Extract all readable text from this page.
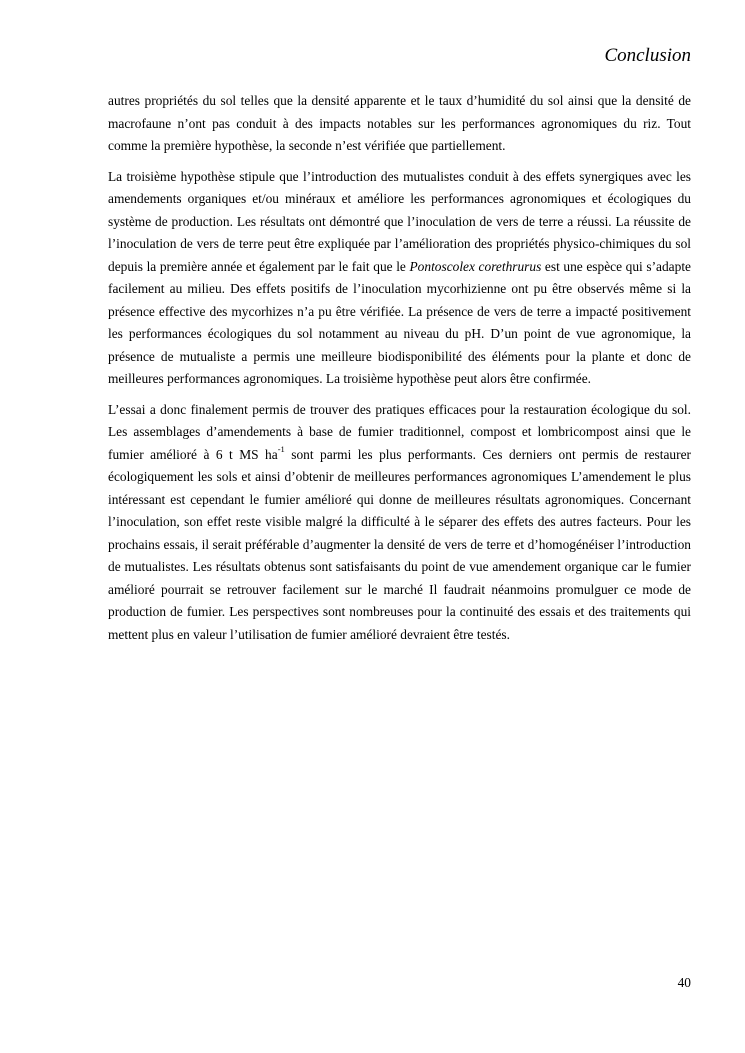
Conclusion

autres propriétés du sol telles que la densité apparente et le taux d’humidité du sol ainsi que la densité de macrofaune n’ont pas conduit à des impacts notables sur les performances agronomiques du riz. Tout comme la première hypothèse, la seconde n’est vérifiée que partiellement.

La troisième hypothèse stipule que l’introduction des mutualistes conduit à des effets synergiques avec les amendements organiques et/ou minéraux et améliore les performances agronomiques et écologiques du système de production. Les résultats ont démontré que l’inoculation de vers de terre a réussi. La réussite de l’inoculation de vers de terre peut être expliquée par l’amélioration des propriétés physico-chimiques du sol depuis la première année et également par le fait que le Pontoscolex corethrurus est une espèce qui s’adapte facilement au milieu. Des effets positifs de l’inoculation mycorhizienne ont pu être observés même si la présence effective des mycorhizes n’a pu être vérifiée. La présence de vers de terre a impacté positivement les performances écologiques du sol notamment au niveau du pH. D’un point de vue agronomique, la présence de mutualiste a permis une meilleure biodisponibilité des éléments pour la plante et donc de meilleures performances agronomiques. La troisième hypothèse peut alors être confirmée.

L’essai a donc finalement permis de trouver des pratiques efficaces pour la restauration écologique du sol. Les assemblages d’amendements à base de fumier traditionnel, compost et lombricompost ainsi que le fumier amélioré à 6 t MS $ha^{-1}$ sont parmi les plus performants. Ces derniers ont permis de restaurer écologiquement les sols et ainsi d’obtenir de meilleures performances agronomiques L’amendement le plus intéressant est cependant le fumier amélioré qui donne de meilleures résultats agronomiques. Concernant l’inoculation, son effet reste visible malgré la difficulté à le séparer des effets des autres facteurs. Pour les prochains essais, il serait préférable d’augmenter la densité de vers de terre et d’homogénéiser l’introduction de mutualistes. Les résultats obtenus sont satisfaisants du point de vue amendement organique car le fumier amélioré pourrait se retrouver facilement sur le marché Il faudrait néanmoins promulguer ce mode de production de fumier. Les perspectives sont nombreuses pour la continuité des essais et des traitements qui mettent plus en valeur l’utilisation de fumier amélioré devraient être testés.

40
